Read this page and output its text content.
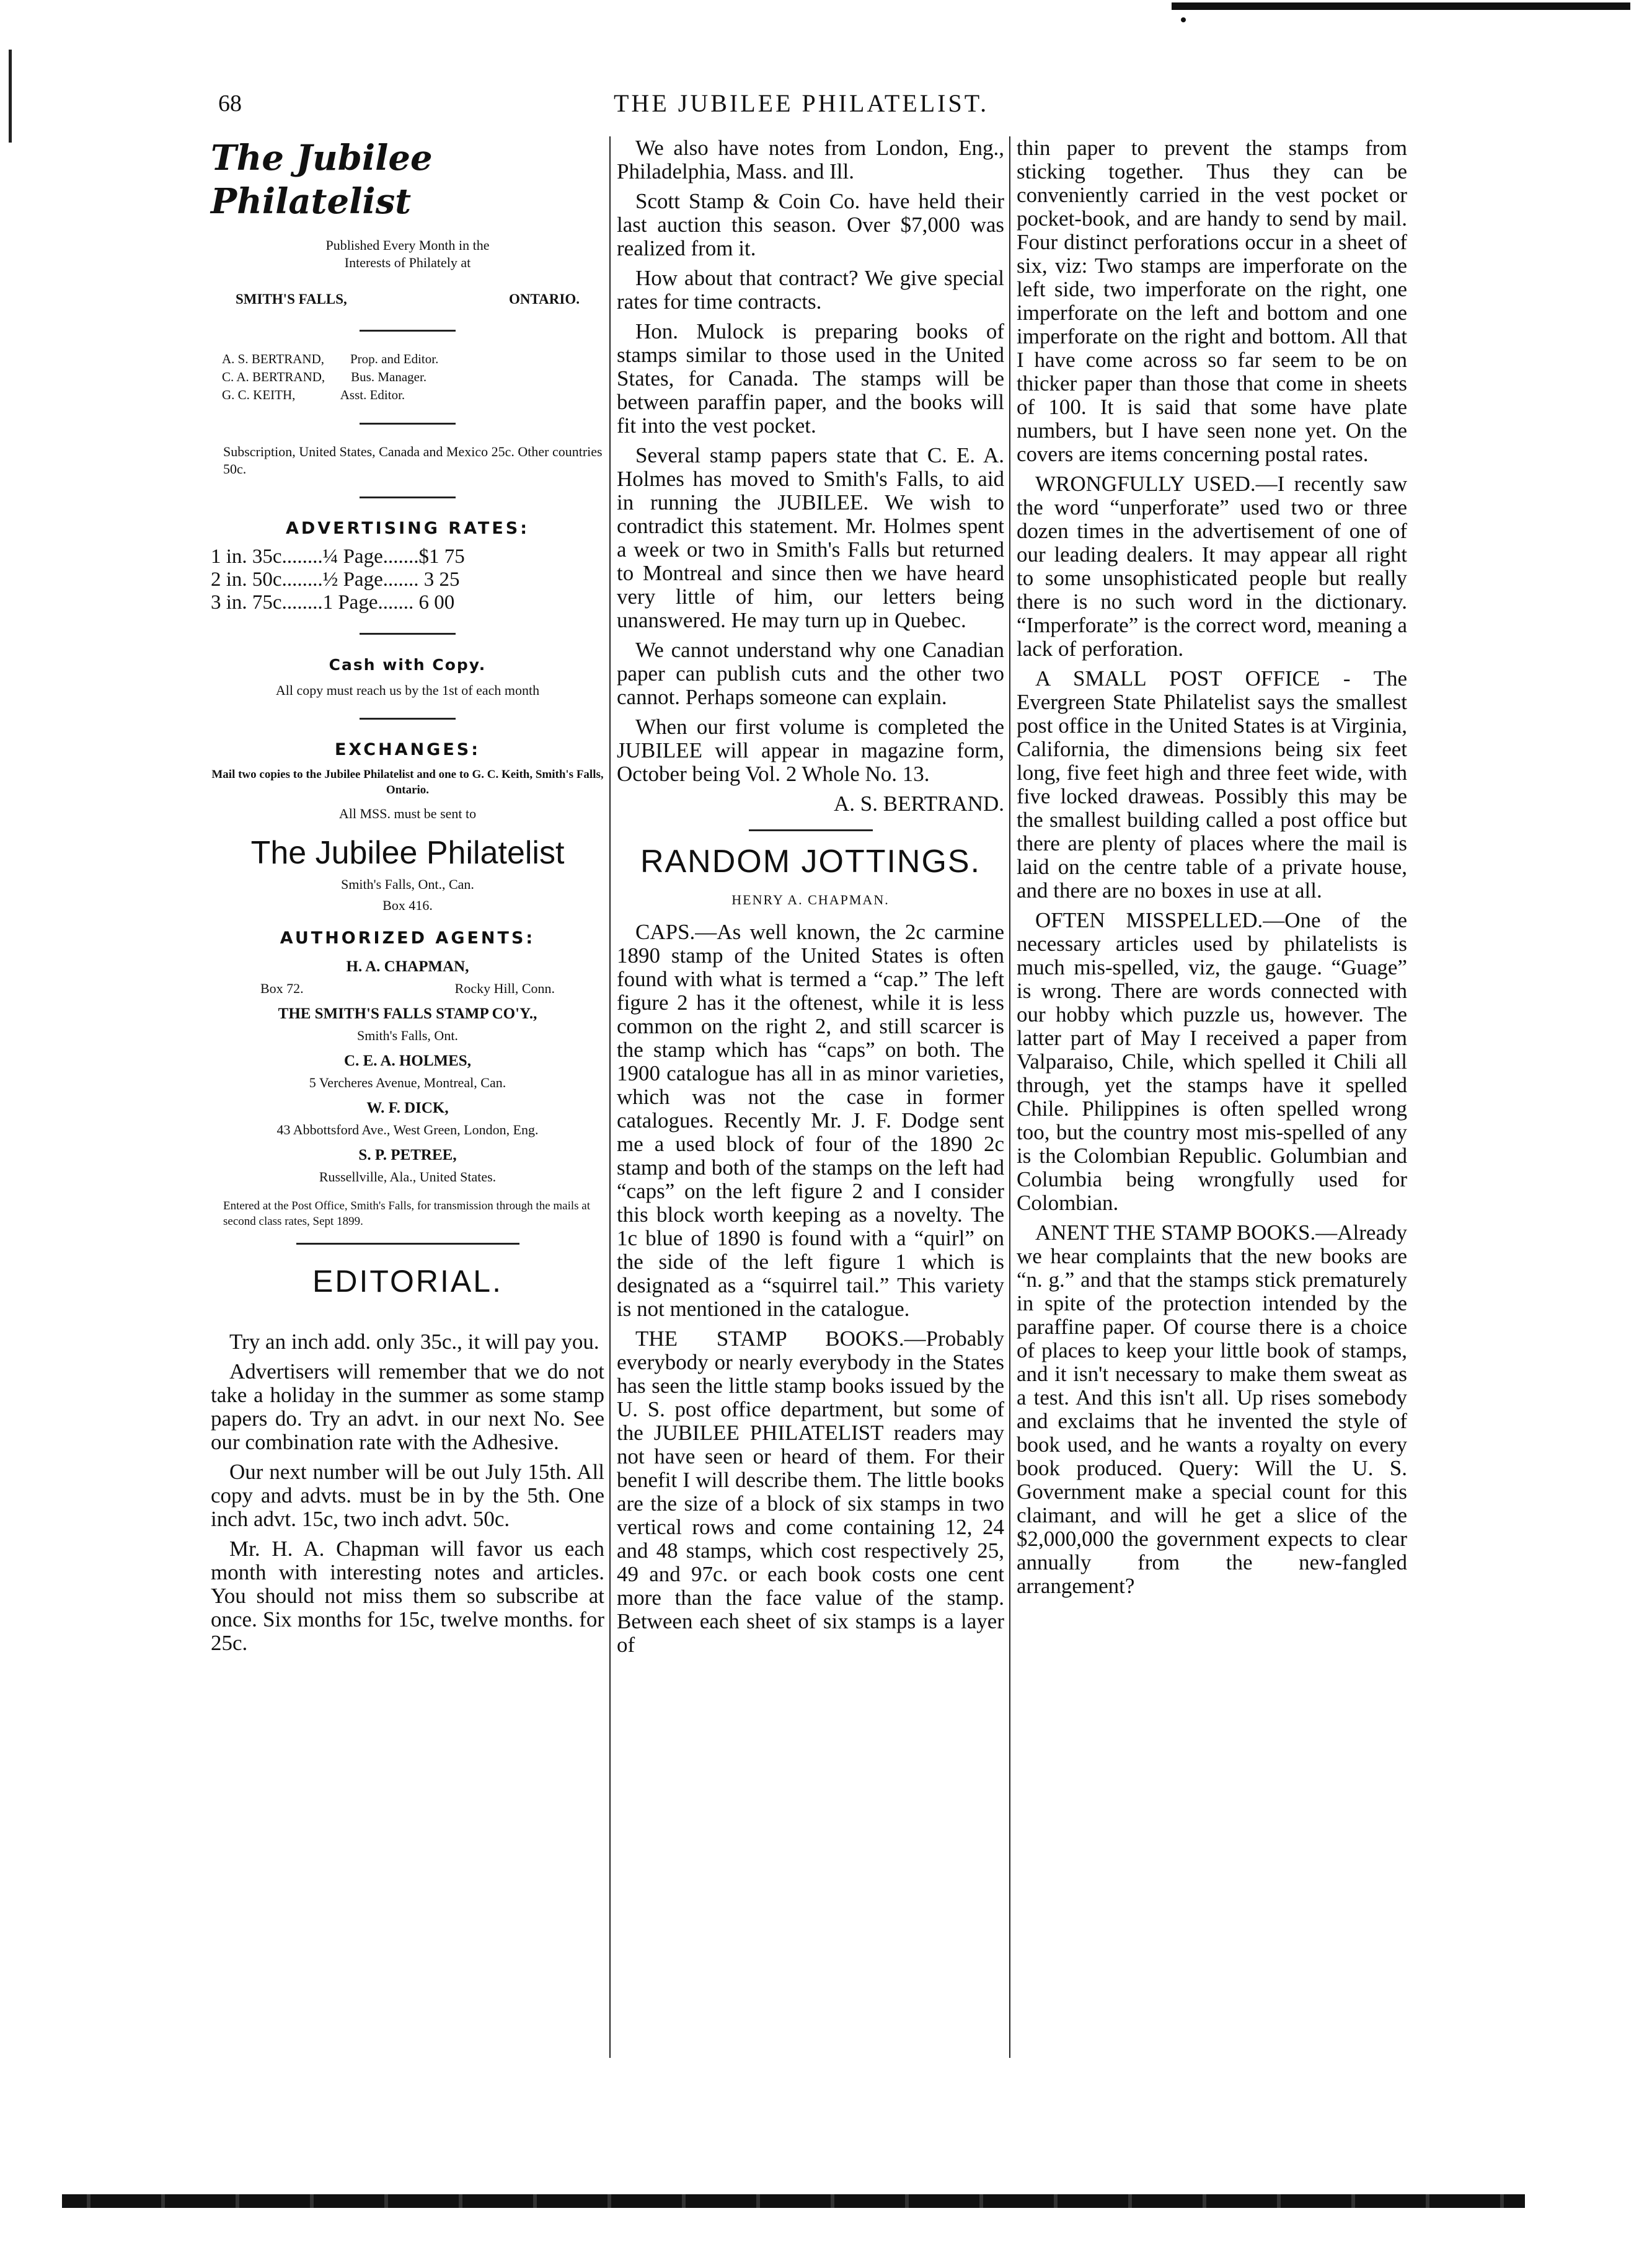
68	THE JUBILEE PHILATELIST.
The Jubilee Philatelist
Published Every Month in the
Interests of Philately at
SMITH'S FALLS,	ONTARIO.
A. S. BERTRAND,        Prop. and Editor.
C. A. BERTRAND,        Bus. Manager.
G. C. KEITH,              Asst. Editor.
Subscription, United States, Canada and Mexico 25c. Other countries 50c.
ADVERTISING RATES:
1 in. 35c........¼ Page.......$1 75
2 in. 50c........½ Page....... 3 25
3 in. 75c........1 Page....... 6 00
Cash with Copy.
All copy must reach us by the 1st of each month
EXCHANGES:
Mail two copies to the Jubilee Philatelist and one to G. C. Keith, Smith's Falls, Ontario.
All MSS. must be sent to
The Jubilee Philatelist
Smith's Falls, Ont., Can.
Box 416.
AUTHORIZED AGENTS:
H. A. CHAPMAN,
Box 72.	Rocky Hill, Conn.
THE SMITH'S FALLS STAMP CO'Y.,
Smith's Falls, Ont.
C. E. A. HOLMES,
5 Vercheres Avenue, Montreal, Can.
W. F. DICK,
43 Abbottsford Ave., West Green, London, Eng.
S. P. PETREE,
Russellville, Ala., United States.
Entered at the Post Office, Smith's Falls, for transmission through the mails at second class rates, Sept 1899.
EDITORIAL.

Try an inch add. only 35c., it will pay you.

Advertisers will remember that we do not take a holiday in the summer as some stamp papers do. Try an advt. in our next No. See our combination rate with the Adhesive.

Our next number will be out July 15th. All copy and advts. must be in by the 5th. One inch advt. 15c, two inch advt. 50c.

Mr. H. A. Chapman will favor us each month with interesting notes and articles. You should not miss them so subscribe at once. Six months for 15c, twelve months. for 25c.

We also have notes from London, Eng., Philadelphia, Mass. and Ill.

Scott Stamp & Coin Co. have held their last auction this season. Over $7,000 was realized from it.

How about that contract? We give special rates for time contracts.

Hon. Mulock is preparing books of stamps similar to those used in the United States, for Canada. The stamps will be between paraffin paper, and the books will fit into the vest pocket.

Several stamp papers state that C. E. A. Holmes has moved to Smith's Falls, to aid in running the JUBILEE. We wish to contradict this statement. Mr. Holmes spent a week or two in Smith's Falls but returned to Montreal and since then we have heard very little of him, our letters being unanswered. He may turn up in Quebec.

We cannot understand why one Canadian paper can publish cuts and the other two cannot. Perhaps someone can explain.

When our first volume is completed the JUBILEE will appear in magazine form, October being Vol. 2 Whole No. 13.

A. S. BERTRAND.
RANDOM JOTTINGS.
HENRY A. CHAPMAN.

CAPS.—As well known, the 2c carmine 1890 stamp of the United States is often found with what is termed a “cap.” The left figure 2 has it the oftenest, while it is less common on the right 2, and still scarcer is the stamp which has “caps” on both. The 1900 catalogue has all in as minor varieties, which was not the case in former catalogues. Recently Mr. J. F. Dodge sent me a used block of four of the 1890 2c stamp and both of the stamps on the left had “caps” on the left figure 2 and I consider this block worth keeping as a novelty. The 1c blue of 1890 is found with a “quirl” on the side of the left figure 1 which is designated as a “squirrel tail.” This variety is not mentioned in the catalogue.

THE STAMP BOOKS.—Probably everybody or nearly everybody in the States has seen the little stamp books issued by the U. S. post office department, but some of the JUBILEE PHILATELIST readers may not have seen or heard of them. For their benefit I will describe them. The little books are the size of a block of six stamps in two vertical rows and come containing 12, 24 and 48 stamps, which cost respectively 25, 49 and 97c. or each book costs one cent more than the face value of the stamp. Between each sheet of six stamps is a layer of

thin paper to prevent the stamps from sticking together. Thus they can be conveniently carried in the vest pocket or pocket-book, and are handy to send by mail. Four distinct perforations occur in a sheet of six, viz: Two stamps are imperforate on the left side, two imperforate on the right, one imperforate on the left and bottom and one imperforate on the right and bottom. All that I have come across so far seem to be on thicker paper than those that come in sheets of 100. It is said that some have plate numbers, but I have seen none yet. On the covers are items concerning postal rates.

WRONGFULLY USED.—I recently saw the word “unperforate” used two or three dozen times in the advertisement of one of our leading dealers. It may appear all right to some unsophisticated people but really there is no such word in the dictionary. “Imperforate” is the correct word, meaning a lack of perforation.

A SMALL POST OFFICE - The Evergreen State Philatelist says the smallest post office in the United States is at Virginia, California, the dimensions being six feet long, five feet high and three feet wide, with five locked draweas. Possibly this may be the smallest building called a post office but there are plenty of places where the mail is laid on the centre table of a private house, and there are no boxes in use at all.

OFTEN MISSPELLED.—One of the necessary articles used by philatelists is much mis-spelled, viz, the gauge. “Guage” is wrong. There are words connected with our hobby which puzzle us, however. The latter part of May I received a paper from Valparaiso, Chile, which spelled it Chili all through, yet the stamps have it spelled Chile. Philippines is often spelled wrong too, but the country most mis-spelled of any is the Colombian Republic. Golumbian and Columbia being wrongfully used for Colombian.

ANENT THE STAMP BOOKS.—Already we hear complaints that the new books are “n. g.” and that the stamps stick prematurely in spite of the protection intended by the paraffine paper. Of course there is a choice of places to keep your little book of stamps, and it isn't necessary to make them sweat as a test. And this isn't all. Up rises somebody and exclaims that he invented the style of book used, and he wants a royalty on every book produced. Query: Will the U. S. Government make a special count for this claimant, and will he get a slice of the $2,000,000 the government expects to clear annually from the new-fangled arrangement?
